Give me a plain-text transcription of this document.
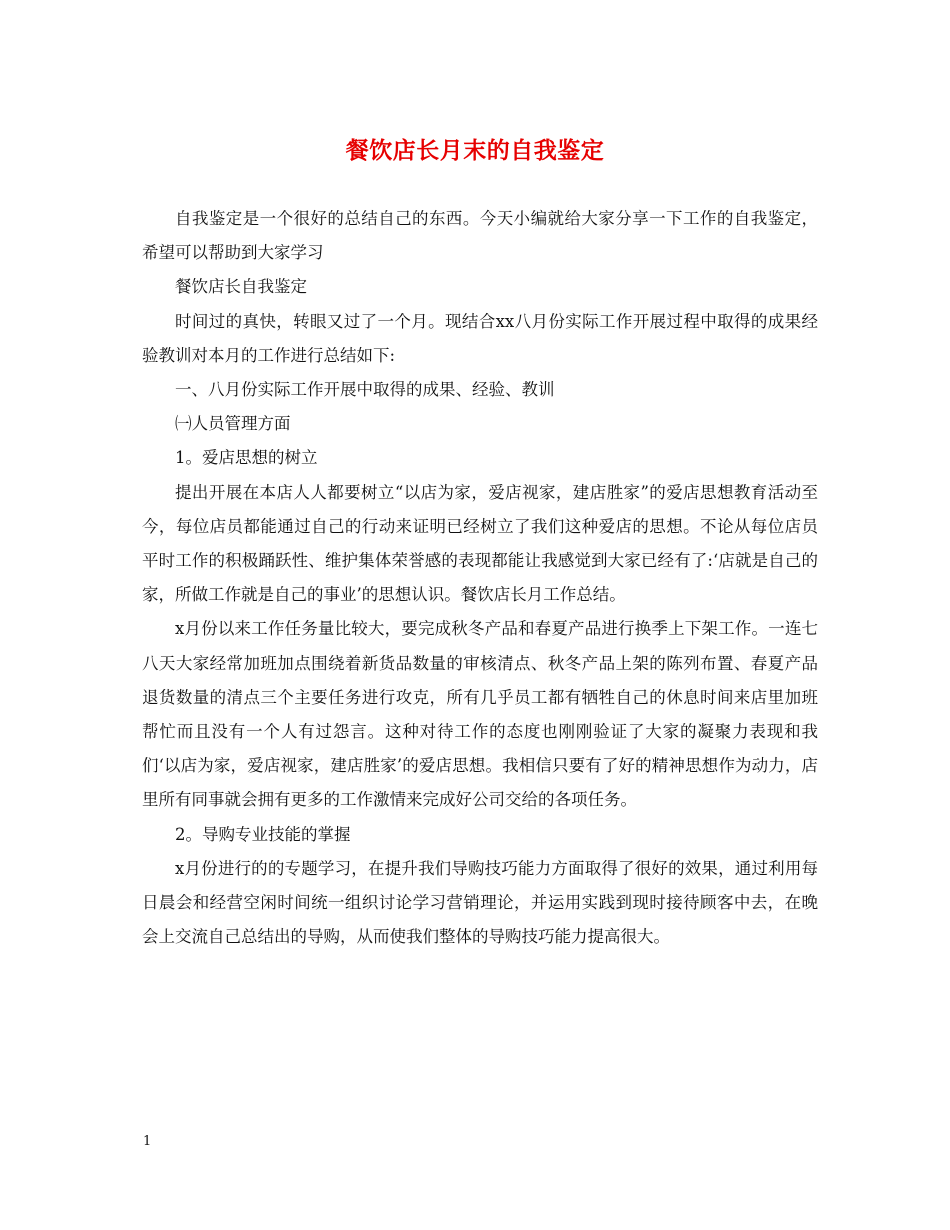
餐饮店长月末的自我鉴定

自我鉴定是一个很好的总结自己的东西。今天小编就给大家分享一下工作的自我鉴定，希望可以帮助到大家学习

餐饮店长自我鉴定

时间过的真快，转眼又过了一个月。现结合xx八月份实际工作开展过程中取得的成果经验教训对本月的工作进行总结如下:

一、八月份实际工作开展中取得的成果、经验、教训

㈠人员管理方面

1。爱店思想的树立

提出开展在本店人人都要树立“以店为家，爱店视家，建店胜家”的爱店思想教育活动至今，每位店员都能通过自己的行动来证明已经树立了我们这种爱店的思想。不论从每位店员平时工作的积极踊跃性、维护集体荣誉感的表现都能让我感觉到大家已经有了:‘店就是自己的家，所做工作就是自己的事业’的思想认识。餐饮店长月工作总结。

x月份以来工作任务量比较大，要完成秋冬产品和春夏产品进行换季上下架工作。一连七八天大家经常加班加点围绕着新货品数量的审核清点、秋冬产品上架的陈列布置、春夏产品退货数量的清点三个主要任务进行攻克，所有几乎员工都有牺牲自己的休息时间来店里加班帮忙而且没有一个人有过怨言。这种对待工作的态度也刚刚验证了大家的凝聚力表现和我们‘以店为家，爱店视家，建店胜家’的爱店思想。我相信只要有了好的精神思想作为动力，店里所有同事就会拥有更多的工作激情来完成好公司交给的各项任务。

2。导购专业技能的掌握

x月份进行的的专题学习，在提升我们导购技巧能力方面取得了很好的效果，通过利用每日晨会和经营空闲时间统一组织讨论学习营销理论，并运用实践到现时接待顾客中去，在晚会上交流自己总结出的导购，从而使我们整体的导购技巧能力提高很大。

1
